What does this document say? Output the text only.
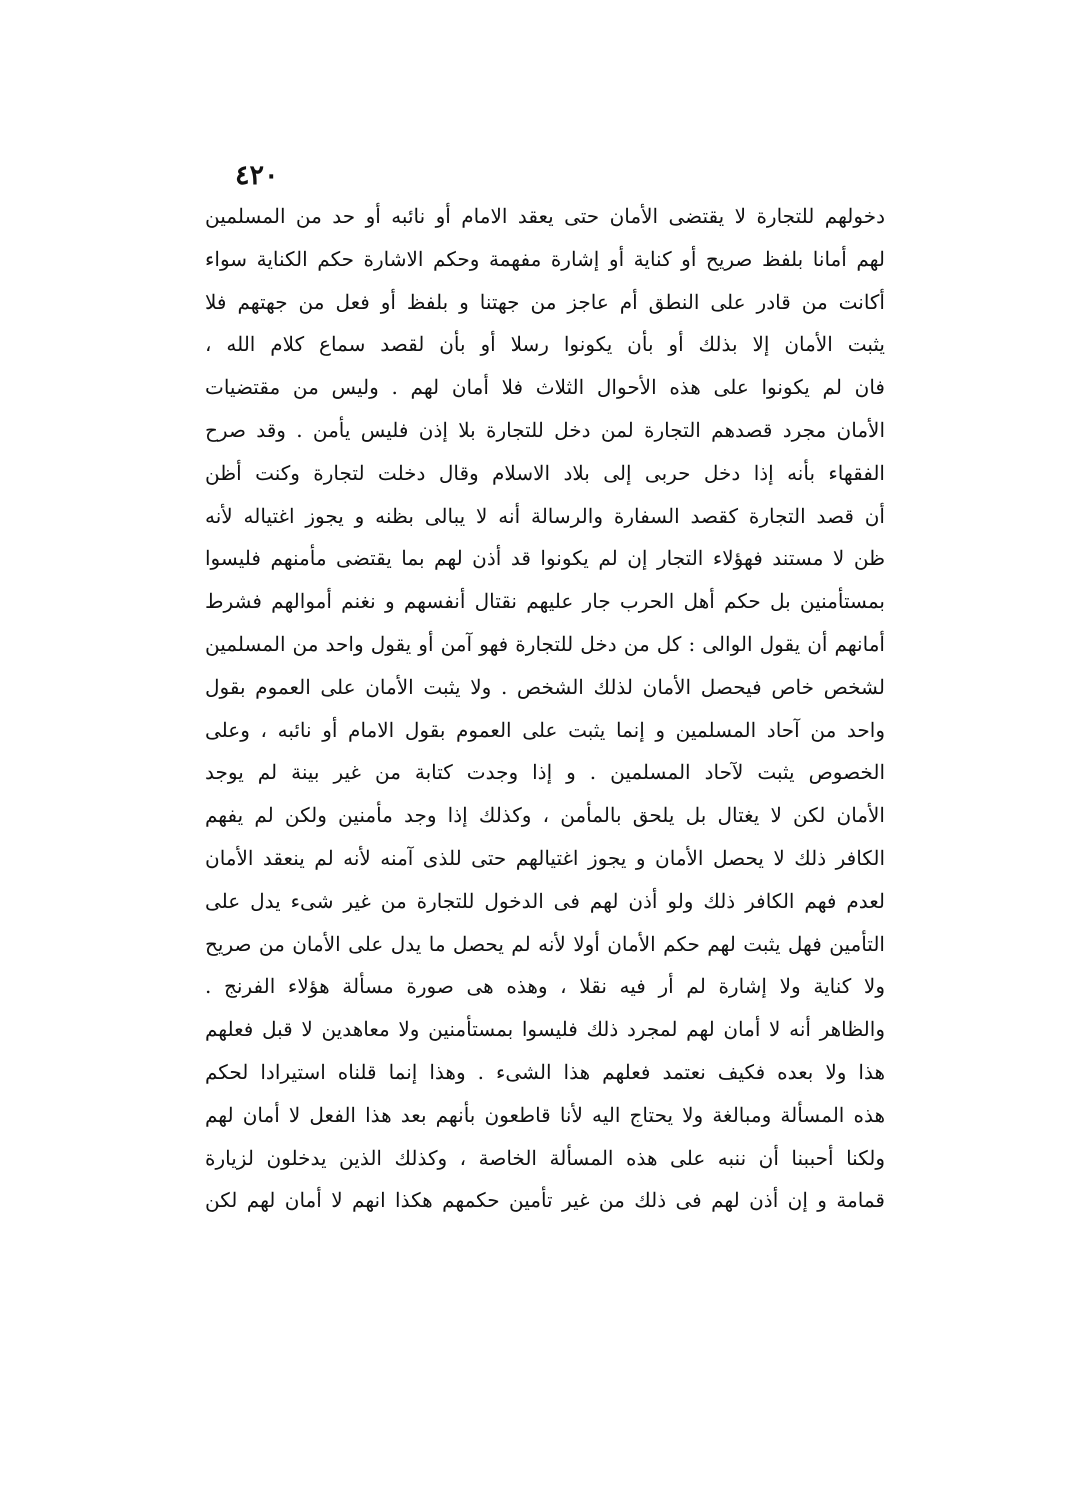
٤٢٠
دخولهم للتجارة لا يقتضى الأمان حتى يعقد الامام أو نائبه أو حد من المسلمين
لهم أمانا بلفظ صريح أو كناية أو إشارة مفهمة وحكم الاشارة حكم الكناية سواء
أكانت من قادر على النطق أم عاجز من جهتنا و بلفظ أو فعل من جهتهم فلا
يثبت الأمان إلا بذلك أو بأن يكونوا رسلا أو بأن لقصد سماع كلام الله ،
فان لم يكونوا على هذه الأحوال الثلاث فلا أمان لهم . وليس من مقتضيات
الأمان مجرد قصدهم التجارة لمن دخل للتجارة بلا إذن فليس يأمن . وقد صرح
الفقهاء بأنه إذا دخل حربى إلى بلاد الاسلام وقال دخلت لتجارة وكنت أظن
أن قصد التجارة كقصد السفارة والرسالة أنه لا يبالى بظنه و يجوز اغتياله لأنه
ظن لا مستند فهؤلاء التجار إن لم يكونوا قد أذن لهم بما يقتضى مأمنهم فليسوا
بمستأمنين بل حكم أهل الحرب جار عليهم نقتال أنفسهم و نغنم أموالهم فشرط
أمانهم أن يقول الوالى : كل من دخل للتجارة فهو آمن أو يقول واحد من المسلمين
لشخص خاص فيحصل الأمان لذلك الشخص . ولا يثبت الأمان على العموم بقول
واحد من آحاد المسلمين و إنما يثبت على العموم بقول الامام أو نائبه ، وعلى
الخصوص يثبت لآحاد المسلمين . و إذا وجدت كتابة من غير بينة لم يوجد
الأمان لكن لا يغتال بل يلحق بالمأمن ، وكذلك إذا وجد مأمنين ولكن لم يفهم
الكافر ذلك لا يحصل الأمان و يجوز اغتيالهم حتى للذى آمنه لأنه لم ينعقد الأمان
لعدم فهم الكافر ذلك ولو أذن لهم فى الدخول للتجارة من غير شىء يدل على
التأمين فهل يثبت لهم حكم الأمان أولا لأنه لم يحصل ما يدل على الأمان من صريح
ولا كناية ولا إشارة لم أر فيه نقلا ، وهذه هى صورة مسألة هؤلاء الفرنج .
والظاهر أنه لا أمان لهم لمجرد ذلك فليسوا بمستأمنين ولا معاهدين لا قبل فعلهم
هذا ولا بعده فكيف نعتمد فعلهم هذا الشىء . وهذا إنما قلناه استيرادا لحكم
هذه المسألة ومبالغة ولا يحتاج اليه لأنا قاطعون بأنهم بعد هذا الفعل لا أمان لهم
ولكنا أحببنا أن ننبه على هذه المسألة الخاصة ، وكذلك الذين يدخلون لزيارة
قمامة و إن أذن لهم فى ذلك من غير تأمين حكمهم هكذا انهم لا أمان لهم لكن
